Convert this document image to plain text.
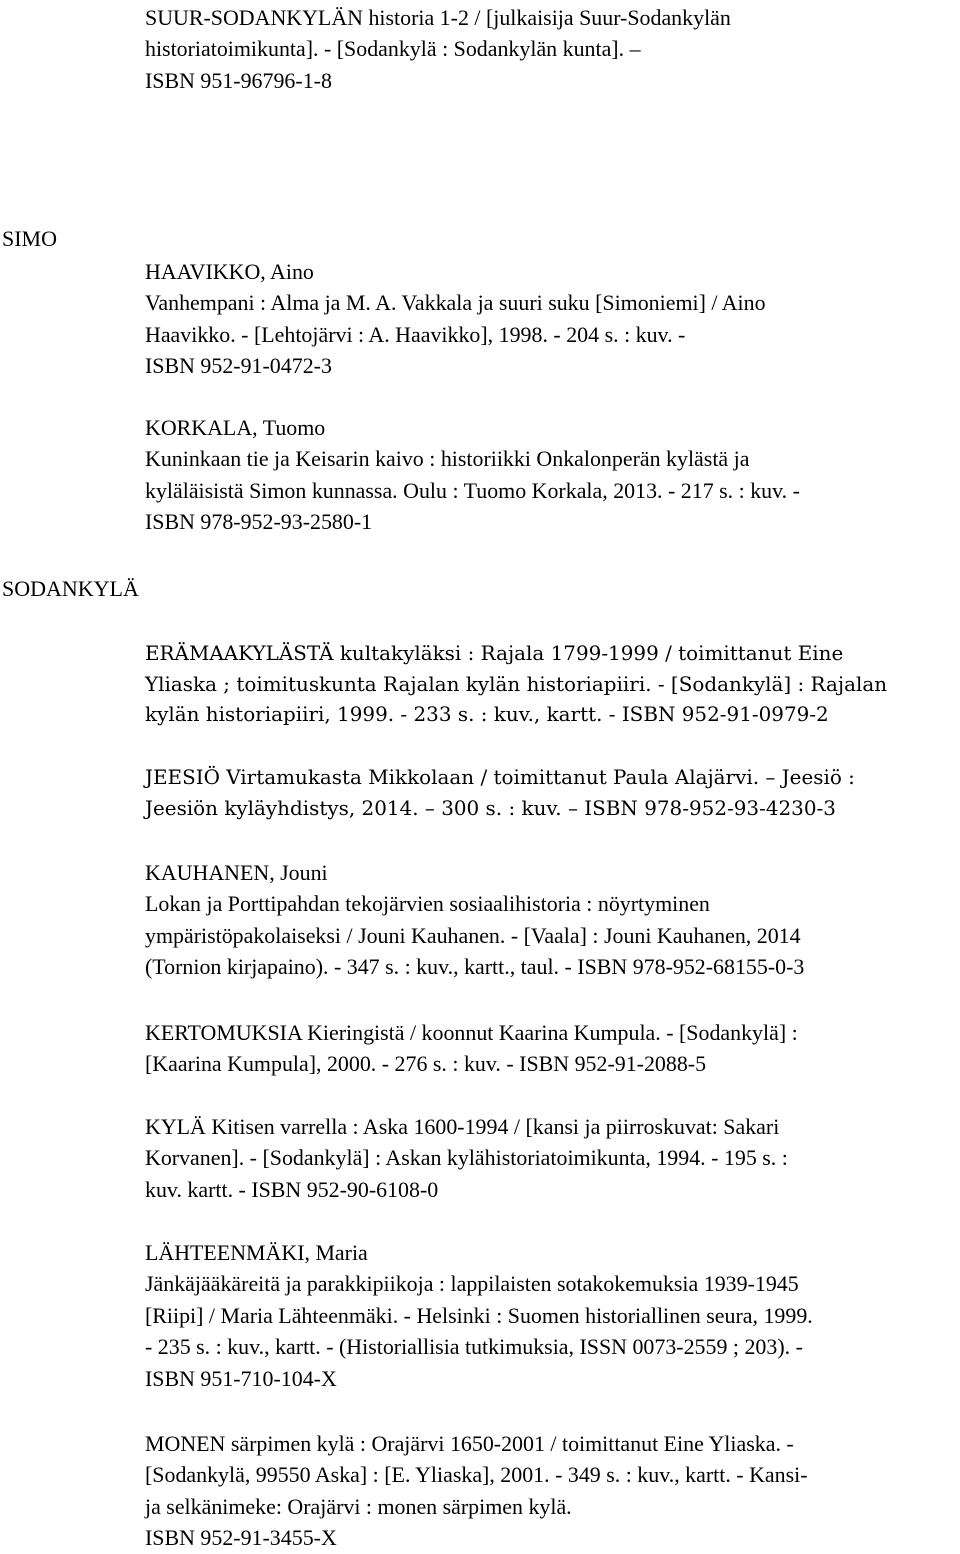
SIMO
SODANKYLÄ
SUUR-SODANKYLÄN historia 1-2 / [julkaisija Suur-Sodankylän
historiatoimikunta]. - [Sodankylä : Sodankylän kunta]. –
ISBN 951-96796-1-8
HAAVIKKO, Aino
Vanhempani : Alma ja M. A. Vakkala ja suuri suku [Simoniemi] / Aino
Haavikko. - [Lehtojärvi : A. Haavikko], 1998. - 204 s. : kuv. -
ISBN 952-91-0472-3
KORKALA, Tuomo
Kuninkaan tie ja Keisarin kaivo : historiikki Onkalonperän kylästä ja
kyläläisistä Simon kunnassa. Oulu : Tuomo Korkala, 2013. - 217 s. : kuv. -
ISBN 978-952-93-2580-1
ERÄMAAKYLÄSTÄ kultakyläksi : Rajala 1799-1999 / toimittanut Eine
Yliaska ; toimituskunta Rajalan kylän historiapiiri. - [Sodankylä] : Rajalan
kylän historiapiiri, 1999. - 233 s. : kuv., kartt. - ISBN 952-91-0979-2
JEESIÖ Virtamukasta Mikkolaan / toimittanut Paula Alajärvi. – Jeesiö :
Jeesiön kyläyhdistys, 2014. – 300 s. : kuv. – ISBN 978-952-93-4230-3
KAUHANEN, Jouni
Lokan ja Porttipahdan tekojärvien sosiaalihistoria : nöyrtyminen
ympäristöpakolaiseksi / Jouni Kauhanen. - [Vaala] : Jouni Kauhanen, 2014
(Tornion kirjapaino). - 347 s. : kuv., kartt., taul. - ISBN 978-952-68155-0-3
KERTOMUKSIA Kieringistä / koonnut Kaarina Kumpula. - [Sodankylä] :
[Kaarina Kumpula], 2000. - 276 s. : kuv. - ISBN 952-91-2088-5
KYLÄ Kitisen varrella : Aska 1600-1994 / [kansi ja piirroskuvat: Sakari
Korvanen]. - [Sodankylä] : Askan kylähistoriatoimikunta, 1994. - 195 s. :
kuv. kartt. - ISBN 952-90-6108-0
LÄHTEENMÄKI, Maria
Jänkäjääkäreitä ja parakkipiikoja : lappilaisten sotakokemuksia 1939-1945
[Riipi] / Maria Lähteenmäki. - Helsinki : Suomen historiallinen seura, 1999.
- 235 s. : kuv., kartt. - (Historiallisia tutkimuksia, ISSN 0073-2559 ; 203). -
ISBN 951-710-104-X
MONEN särpimen kylä : Orajärvi 1650-2001 / toimittanut Eine Yliaska. -
[Sodankylä, 99550 Aska] : [E. Yliaska], 2001. - 349 s. : kuv., kartt. - Kansi-
ja selkänimeke: Orajärvi : monen särpimen kylä.
ISBN 952-91-3455-X
